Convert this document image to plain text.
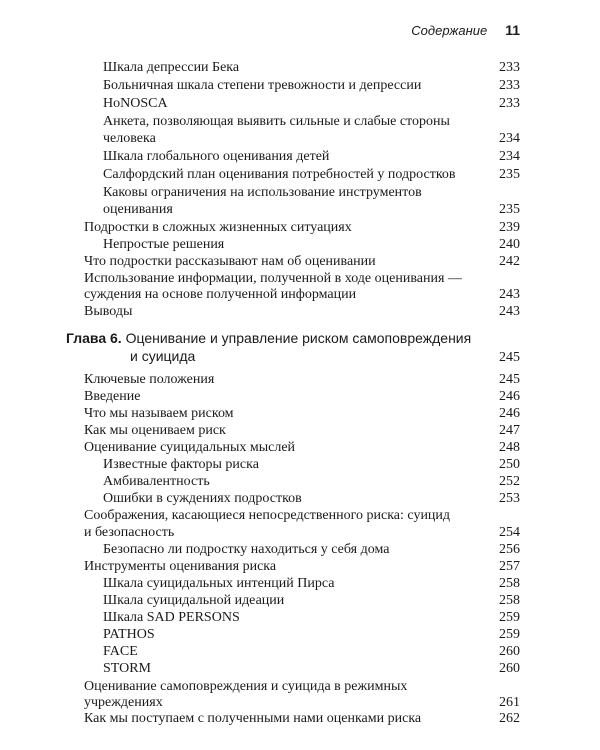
Содержание 11
Шкала депрессии Бека	233
Больничная шкала степени тревожности и депрессии	233
HoNOSCA	233
Анкета, позволяющая выявить сильные и слабые стороны
человека	234
Шкала глобального оценивания детей	234
Салфордский план оценивания потребностей у подростков	235
Каковы ограничения на использование инструментов
оценивания	235
Подростки в сложных жизненных ситуациях	239
Непростые решения	240
Что подростки рассказывают нам об оценивании	242
Использование информации, полученной в ходе оценивания —
суждения на основе полученной информации	243
Выводы	243
Глава 6. Оценивание и управление риском самоповреждения
и суицида	245
Ключевые положения	245
Введение	246
Что мы называем риском	246
Как мы оцениваем риск	247
Оценивание суицидальных мыслей	248
Известные факторы риска	250
Амбивалентность	252
Ошибки в суждениях подростков	253
Соображения, касающиеся непосредственного риска: суицид
и безопасность	254
Безопасно ли подростку находиться у себя дома	256
Инструменты оценивания риска	257
Шкала суицидальных интенций Пирса	258
Шкала суицидальной идеации	258
Шкала SAD PERSONS	259
PATHOS	259
FACE	260
STORM	260
Оценивание самоповреждения и суицида в режимных
учреждениях	261
Как мы поступаем с полученными нами оценками риска	262
